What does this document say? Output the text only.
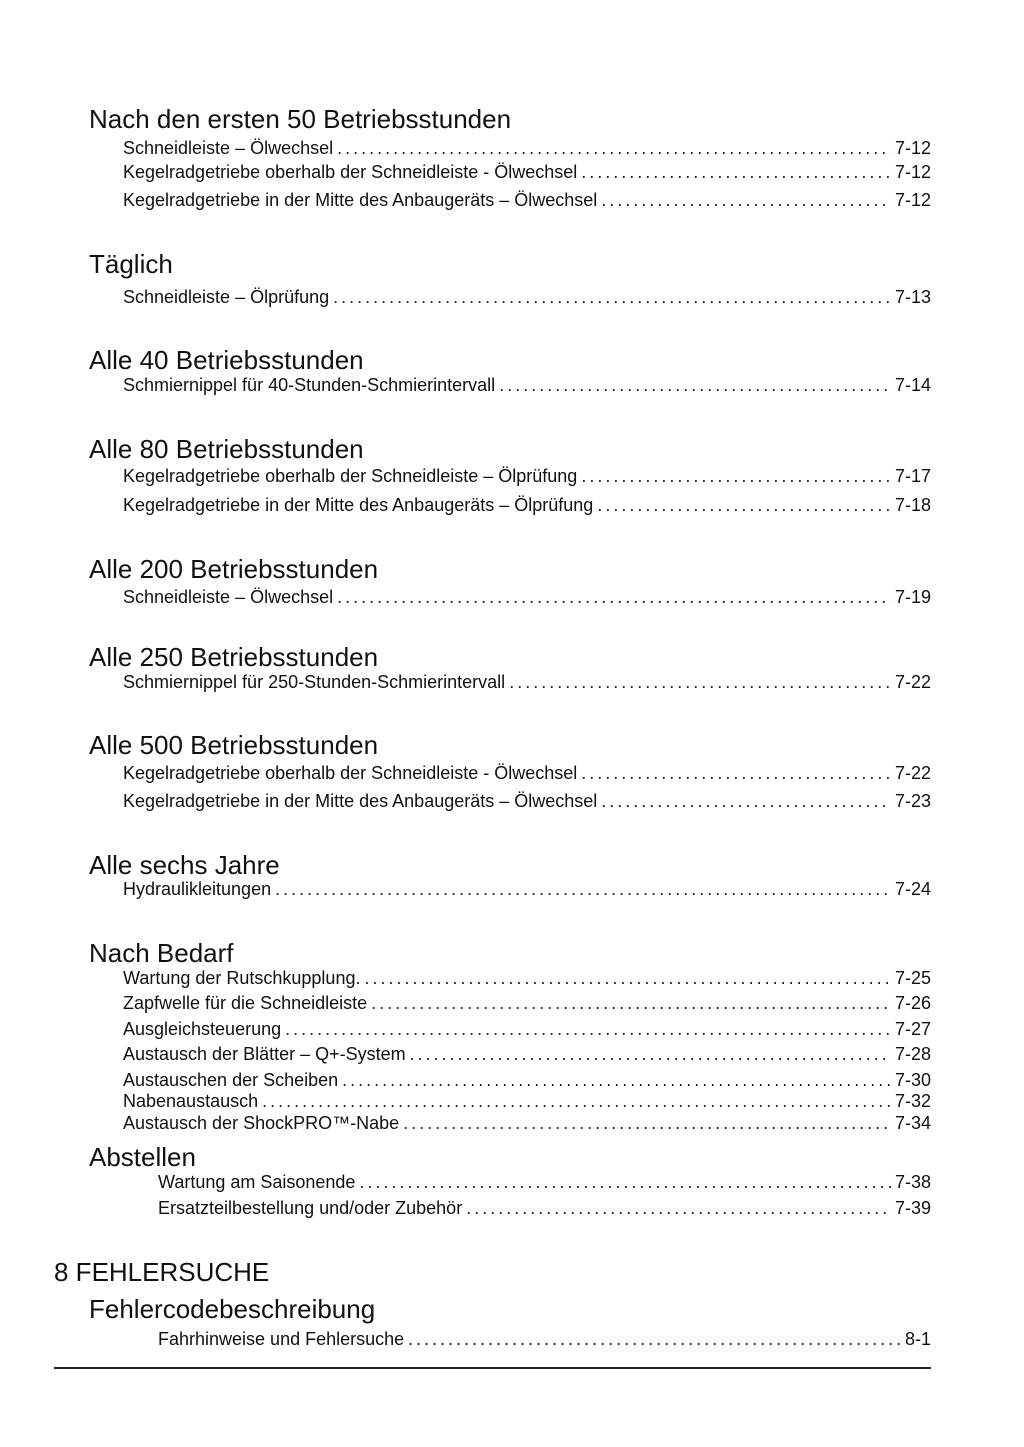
Nach den ersten 50 Betriebsstunden
Schneidleiste – Ölwechsel . . .	7-12
Kegelradgetriebe oberhalb der Schneidleiste - Ölwechsel . . .	7-12
Kegelradgetriebe in der Mitte des Anbaugeräts – Ölwechsel . . .	7-12
Täglich
Schneidleiste – Ölprüfung . . .	7-13
Alle 40 Betriebsstunden
Schmiernippel für 40-Stunden-Schmierintervall . . .	7-14
Alle 80 Betriebsstunden
Kegelradgetriebe oberhalb der Schneidleiste – Ölprüfung . . .	7-17
Kegelradgetriebe in der Mitte des Anbaugeräts – Ölprüfung . . .	7-18
Alle 200 Betriebsstunden
Schneidleiste – Ölwechsel . . .	7-19
Alle 250 Betriebsstunden
Schmiernippel für 250-Stunden-Schmierintervall . . .	7-22
Alle 500 Betriebsstunden
Kegelradgetriebe oberhalb der Schneidleiste - Ölwechsel . . .	7-22
Kegelradgetriebe in der Mitte des Anbaugeräts – Ölwechsel . . .	7-23
Alle sechs Jahre
Hydraulikleitungen . . .	7-24
Nach Bedarf
Wartung der Rutschkupplung. . . .	7-25
Zapfwelle für die Schneidleiste . . .	7-26
Ausgleichsteuerung . . .	7-27
Austausch der Blätter – Q+-System . . .	7-28
Austauschen der Scheiben . . .	7-30
Nabenaustausch . . .	7-32
Austausch der ShockPRO™-Nabe . . .	7-34
Abstellen
Wartung am Saisonende . . .	7-38
Ersatzteilbestellung und/oder Zubehör . . .	7-39
8 FEHLERSUCHE
Fehlercodebeschreibung
Fahrhinweise und Fehlersuche . . .	8-1
